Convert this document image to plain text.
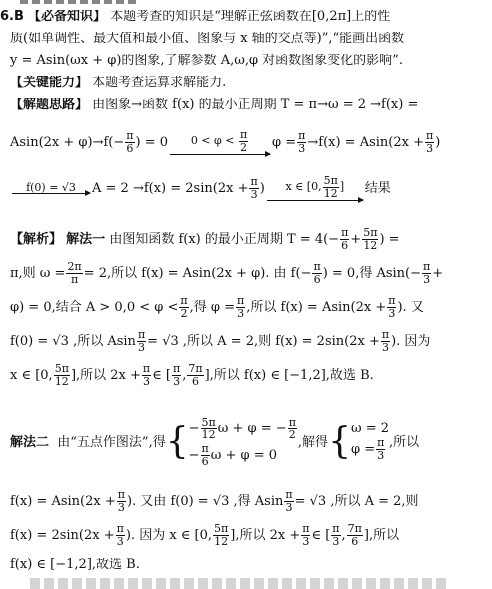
6.B 【必备知识】 本题考查的知识是“理解正弦函数在[0,2π]上的性
质(如单调性、最大值和最小值、图象与 x 轴的交点等)”,“能画出函数
y = Asin(ωx + φ)的图象,了解参数 A,ω,φ 对函数图象变化的影响”.
【关键能力】 本题考查运算求解能力.
【解题思路】 由图象→函数 f(x) 的最小正周期 T = π→ω = 2 →f(x) =
$Asin(2x + \varphi)\to f(- \frac{\pi}{6}$ ) = 0 $0 < \varphi < \frac{\pi}{2}$ $\varphi = \frac{\pi}{3} \to f(x) = Asin(2x + \frac{\pi}{3}$ )
f(0) = √3 $A = 2 \to f(x) = 2\sin(2x + \frac{\pi}{3}$ ) x ∈ [0, $\frac{5\pi}{12}$ ] 结果
【解析】
解法一
由图知函数 f(x) 的最小正周期 $T = 4(- \frac{\pi}{6} + \frac{5\pi}{12}$ ) =
π,则 $\omega = \frac{2\pi}{\pi} = 2$,所以 f(x) = Asin(2x + φ). 由 $f(- \frac{\pi}{6}$ ) = 0,得 $Asin(- \frac{\pi}{3}$ +
φ) = 0,结合 $A > 0,0 < \varphi < \frac{\pi}{2}$ ,得 $\varphi = \frac{\pi}{3}$ ,所以 $f(x) = Asin(2x + \frac{\pi}{3}$ ). 又
f(0) = √3 ,所以 Asin $\frac{\pi}{3} = √3$ ,所以 A = 2,则 $f(x) = 2\sin(2x + \frac{\pi}{3}$ ). 因为
x ∈ [0, $\frac{5\pi}{12}$ ],所以 $2x + \frac{\pi}{3}$ ∈ [ $\frac{\pi}{3}$ , $\frac{7\pi}{6}$ ],所以 f(x) ∈ [−1,2],故选 B.
解法二
由“五点作图法”,得 { − $\frac{5\pi}{12}$ ω + φ = − $\frac{\pi}{2}$
− $\frac{\pi}{6}$ ω + φ = 0
,解得 { ω = 2
$\varphi = \frac{\pi}{3}$ ,所以
$f(x) = Asin(2x + \frac{\pi}{3}$ ). 又由 f(0) = √3 ,得 Asin $\frac{\pi}{3} = √3$ ,所以 A = 2,则
$f(x) = 2\sin(2x + \frac{\pi}{3}$ ). 因为 x ∈ [0, $\frac{5\pi}{12}$ ],所以 $2x + \frac{\pi}{3}$ ∈ [ $\frac{\pi}{3}$ , $\frac{7\pi}{6}$ ],所以
f(x) ∈ [−1,2],故选 B.
